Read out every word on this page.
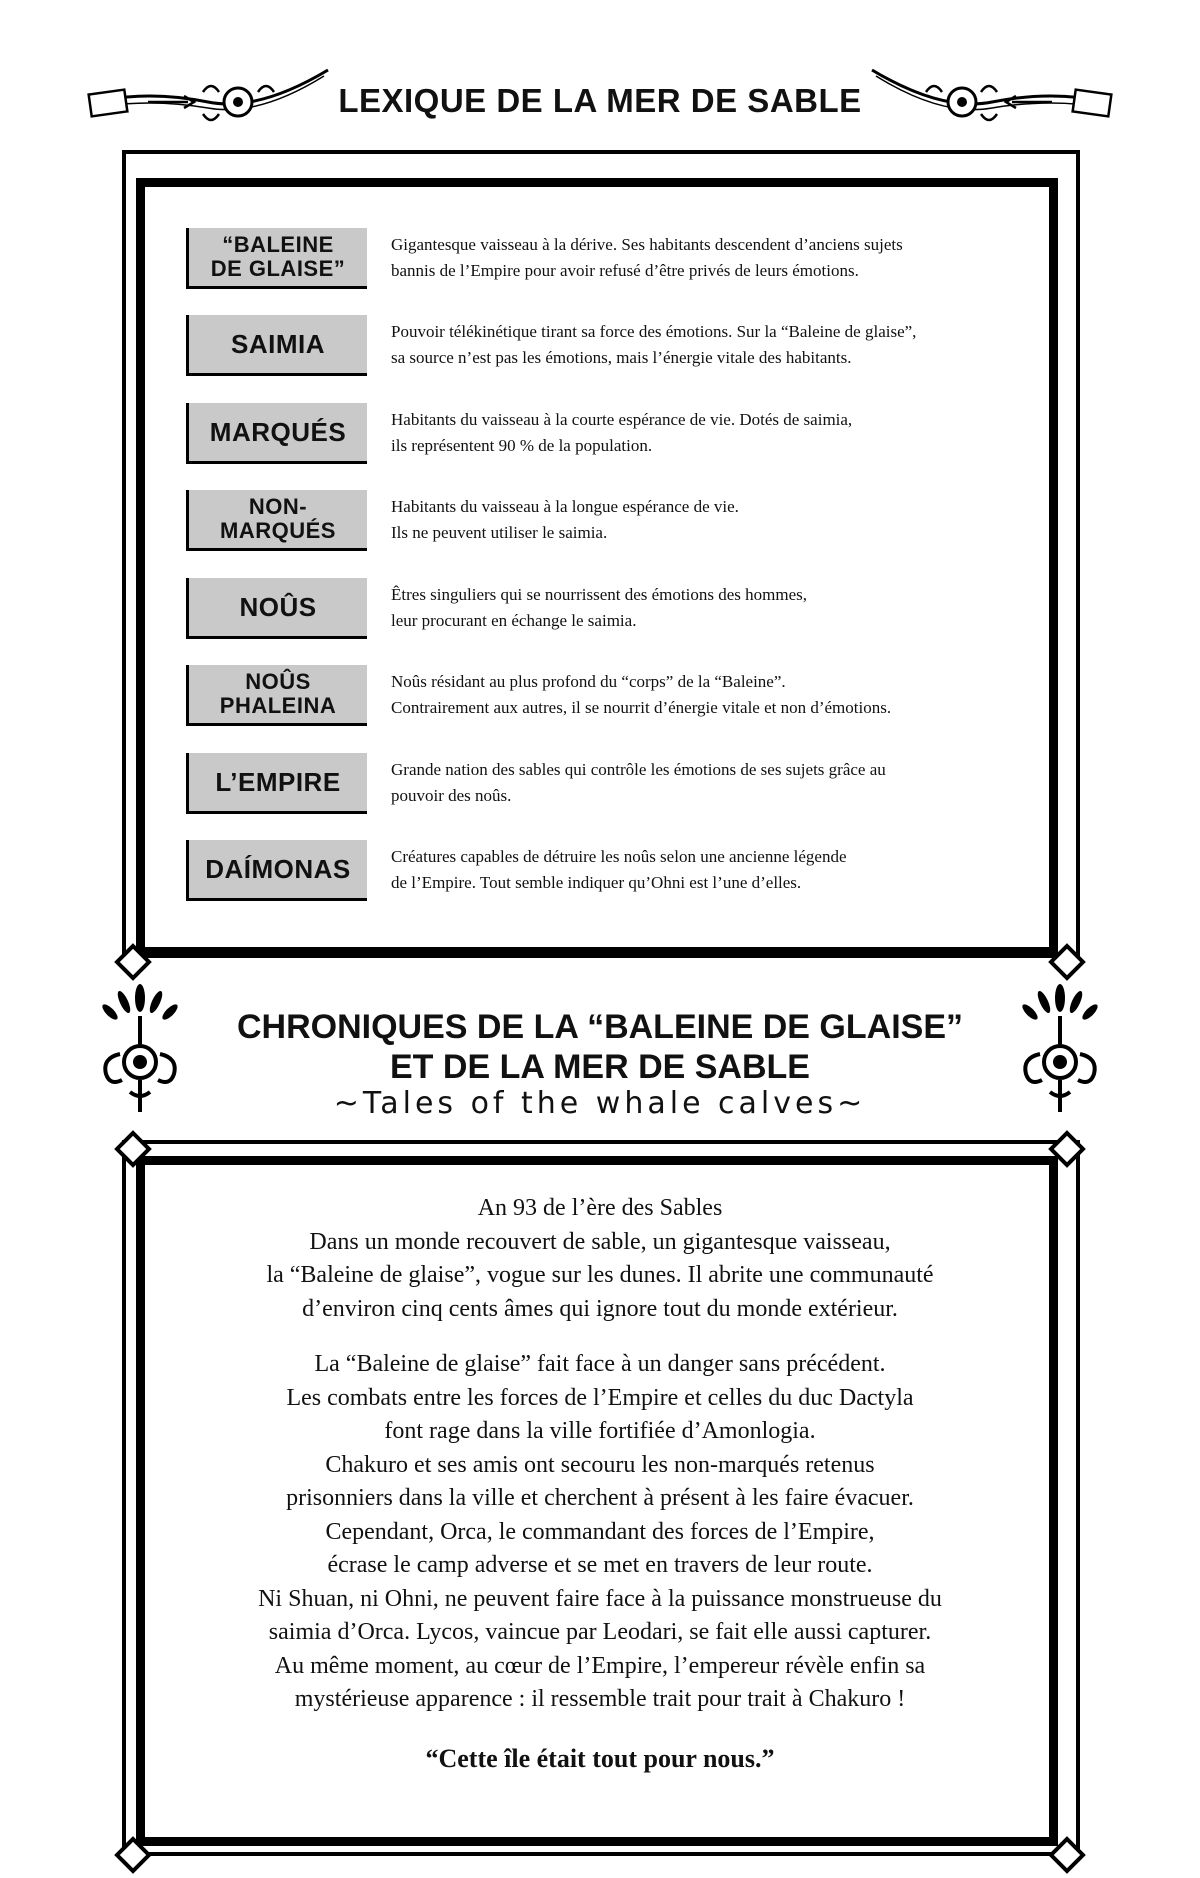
LEXIQUE DE LA MER DE SABLE
“BALEINE
DE GLAISE”
Gigantesque vaisseau à la dérive. Ses habitants descendent d’anciens sujets
bannis de l’Empire pour avoir refusé d’être privés de leurs émotions.
SAIMIA	Pouvoir télékinétique tirant sa force des émotions. Sur la “Baleine de glaise”,
sa source n’est pas les émotions, mais l’énergie vitale des habitants.
MARQUÉS	Habitants du vaisseau à la courte espérance de vie. Dotés de saimia,
ils représentent 90 % de la population.
NON-
MARQUÉS
Habitants du vaisseau à la longue espérance de vie.
Ils ne peuvent utiliser le saimia.
NOÛS	Êtres singuliers qui se nourrissent des émotions des hommes,
leur procurant en échange le saimia.
NOÛS
PHALEINA
Noûs résidant au plus profond du “corps” de la “Baleine”.
Contrairement aux autres, il se nourrit d’énergie vitale et non d’émotions.
L’EMPIRE	Grande nation des sables qui contrôle les émotions de ses sujets grâce au
pouvoir des noûs.
DAÍMONAS	Créatures capables de détruire les noûs selon une ancienne légende
de l’Empire. Tout semble indiquer qu’Ohni est l’une d’elles.
CHRONIQUES DE LA “BALEINE DE GLAISE”
ET DE LA MER DE SABLE
~Tales of the whale calves~
An 93 de l’ère des Sables
Dans un monde recouvert de sable, un gigantesque vaisseau,
la “Baleine de glaise”, vogue sur les dunes. Il abrite une communauté
d’environ cinq cents âmes qui ignore tout du monde extérieur.
La “Baleine de glaise” fait face à un danger sans précédent.
Les combats entre les forces de l’Empire et celles du duc Dactyla
font rage dans la ville fortifiée d’Amonlogia.
Chakuro et ses amis ont secouru les non-marqués retenus
prisonniers dans la ville et cherchent à présent à les faire évacuer.
Cependant, Orca, le commandant des forces de l’Empire,
écrase le camp adverse et se met en travers de leur route.
Ni Shuan, ni Ohni, ne peuvent faire face à la puissance monstrueuse du
saimia d’Orca. Lycos, vaincue par Leodari, se fait elle aussi capturer.
Au même moment, au cœur de l’Empire, l’empereur révèle enfin sa
mystérieuse apparence : il ressemble trait pour trait à Chakuro !
“Cette île était tout pour nous.”
